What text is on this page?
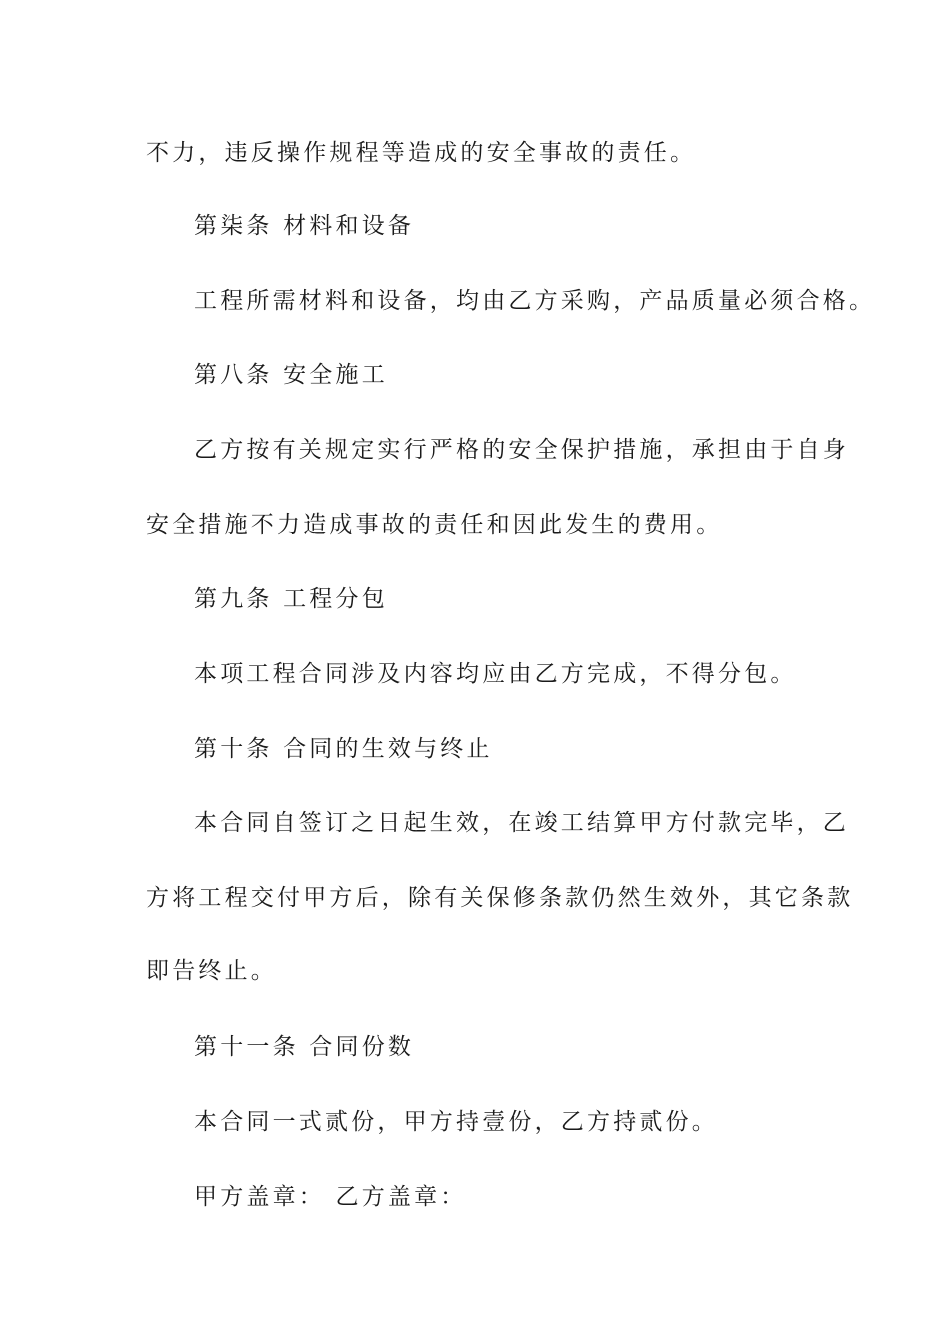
不力，违反操作规程等造成的安全事故的责任。
第柒条 材料和设备
工程所需材料和设备，均由乙方采购，产品质量必须合格。
第八条 安全施工
乙方按有关规定实行严格的安全保护措施，承担由于自身
安全措施不力造成事故的责任和因此发生的费用。
第九条 工程分包
本项工程合同涉及内容均应由乙方完成，不得分包。
第十条 合同的生效与终止
本合同自签订之日起生效，在竣工结算甲方付款完毕，乙
方将工程交付甲方后，除有关保修条款仍然生效外，其它条款
即告终止。
第十一条 合同份数
本合同一式贰份，甲方持壹份，乙方持贰份。
甲方盖章： 乙方盖章：
